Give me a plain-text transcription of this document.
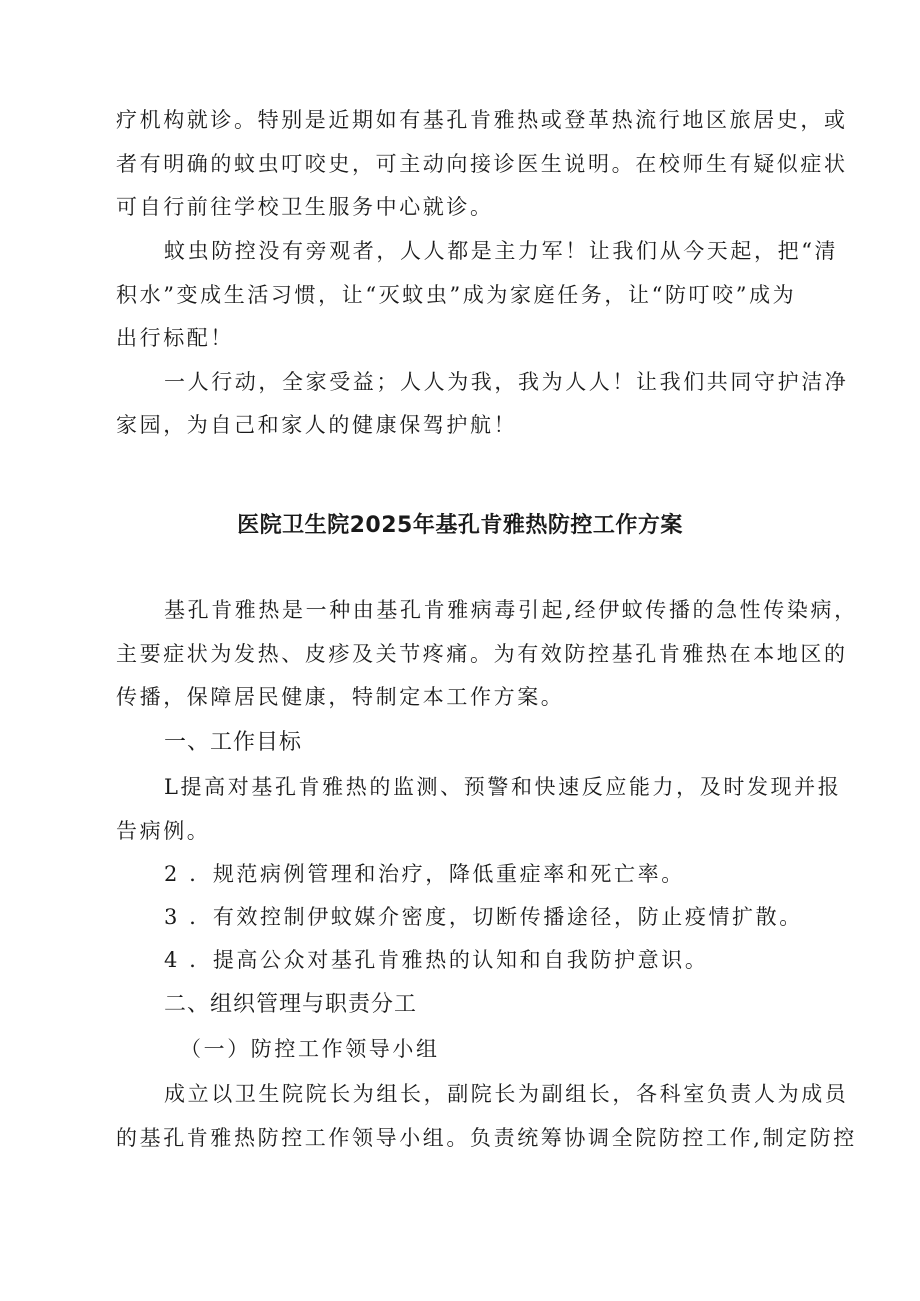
疗机构就诊。特别是近期如有基孔肯雅热或登革热流行地区旅居史，或
者有明确的蚊虫叮咬史，可主动向接诊医生说明。在校师生有疑似症状
可自行前往学校卫生服务中心就诊。
蚊虫防控没有旁观者，人人都是主力军！让我们从今天起，把“清
积水”变成生活习惯，让“灭蚊虫”成为家庭任务，让“防叮咬”成为
出行标配！
一人行动，全家受益；人人为我，我为人人！让我们共同守护洁净
家园，为自己和家人的健康保驾护航！
医院卫生院2025年基孔肯雅热防控工作方案
基孔肯雅热是一种由基孔肯雅病毒引起,经伊蚊传播的急性传染病，
主要症状为发热、皮疹及关节疼痛。为有效防控基孔肯雅热在本地区的
传播，保障居民健康，特制定本工作方案。
一、工作目标
L提高对基孔肯雅热的监测、预警和快速反应能力，及时发现并报
告病例。
2 ．规范病例管理和治疗，降低重症率和死亡率。
3 ．有效控制伊蚊媒介密度，切断传播途径，防止疫情扩散。
4 ．提高公众对基孔肯雅热的认知和自我防护意识。
二、组织管理与职责分工
（一）防控工作领导小组
成立以卫生院院长为组长，副院长为副组长，各科室负责人为成员
的基孔肯雅热防控工作领导小组。负责统筹协调全院防控工作,制定防控
